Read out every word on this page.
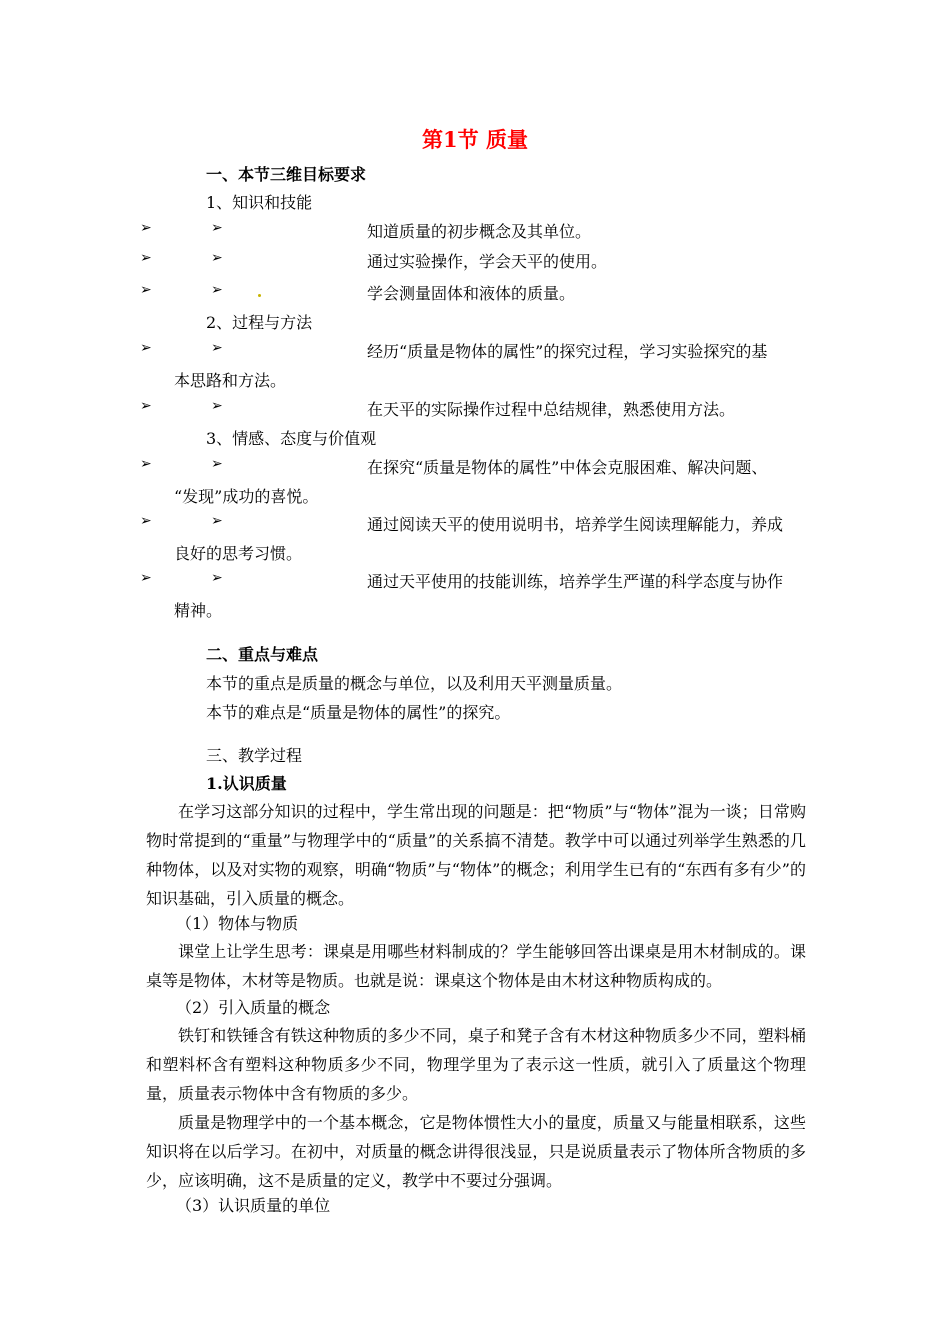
第1节 质量
一、本节三维目标要求
1、知识和技能
➢	➢	知道质量的初步概念及其单位。
➢	➢	通过实验操作，学会天平的使用。
➢	➢	学会测量固体和液体的质量。
2、过程与方法
➢	➢	经历“质量是物体的属性”的探究过程，学习实验探究的基
本思路和方法。
➢	➢	在天平的实际操作过程中总结规律，熟悉使用方法。
3、情感、态度与价值观
➢	➢	在探究“质量是物体的属性”中体会克服困难、解决问题、
“发现”成功的喜悦。
➢	➢	通过阅读天平的使用说明书，培养学生阅读理解能力，养成
良好的思考习惯。
➢	➢	通过天平使用的技能训练，培养学生严谨的科学态度与协作
精神。
二、重点与难点
本节的重点是质量的概念与单位，以及利用天平测量质量。
本节的难点是“质量是物体的属性”的探究。
三、教学过程
1.认识质量
在学习这部分知识的过程中，学生常出现的问题是：把“物质”与“物体”混为一谈；日常购物时常提到的“重量”与物理学中的“质量”的关系搞不清楚。教学中可以通过列举学生熟悉的几种物体，以及对实物的观察，明确“物质”与“物体”的概念；利用学生已有的“东西有多有少”的知识基础，引入质量的概念。
（1）物体与物质
课堂上让学生思考：课桌是用哪些材料制成的？学生能够回答出课桌是用木材制成的。课桌等是物体，木材等是物质。也就是说：课桌这个物体是由木材这种物质构成的。
（2）引入质量的概念
铁钉和铁锤含有铁这种物质的多少不同，桌子和凳子含有木材这种物质多少不同，塑料桶和塑料杯含有塑料这种物质多少不同，物理学里为了表示这一性质，就引入了质量这个物理量，质量表示物体中含有物质的多少。
质量是物理学中的一个基本概念，它是物体惯性大小的量度，质量又与能量相联系，这些知识将在以后学习。在初中，对质量的概念讲得很浅显，只是说质量表示了物体所含物质的多少，应该明确，这不是质量的定义，教学中不要过分强调。
（3）认识质量的单位
